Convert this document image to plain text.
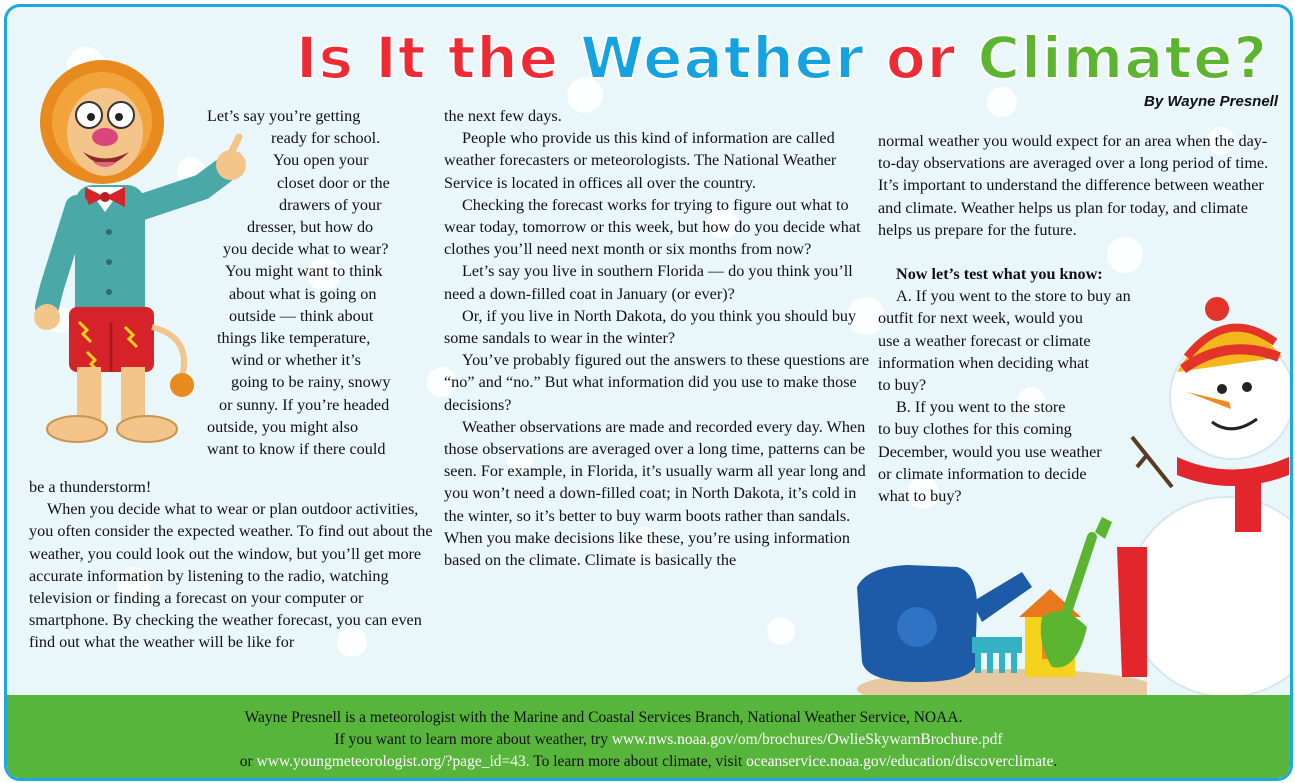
Is It the Weather or Climate?
By Wayne Presnell
Let’s say you’re getting
ready for school.
You open your
closet door or the
drawers of your
dresser, but how do
you decide what to wear?
You might want to think
about what is going on
outside — think about
things like temperature,
wind or whether it’s
going to be rainy, snowy
or sunny. If you’re headed
outside, you might also
want to know if there could

be a thunderstorm!

When you decide what to wear or plan outdoor activities, you often consider the expected weather. To find out about the weather, you could look out the window, but you’ll get more accurate information by listening to the radio, watching television or finding a forecast on your computer or smartphone. By checking the weather forecast, you can even find out what the weather will be like for

the next few days.

People who provide us this kind of information are called weather forecasters or meteorologists. The National Weather Service is located in offices all over the country.

Checking the forecast works for trying to figure out what to wear today, tomorrow or this week, but how do you decide what clothes you’ll need next month or six months from now?

Let’s say you live in southern Florida — do you think you’ll need a down-filled coat in January (or ever)?

Or, if you live in North Dakota, do you think you should buy some sandals to wear in the winter?

You’ve probably figured out the answers to these questions are “no” and “no.” But what information did you use to make those decisions?

Weather observations are made and recorded every day. When those observations are averaged over a long time, patterns can be seen. For example, in Florida, it’s usually warm all year long and you won’t need a down-filled coat; in North Dakota, it’s cold in the winter, so it’s better to buy warm boots rather than sandals. When you make decisions like these, you’re using information based on the climate. Climate is basically the

normal weather you would expect for an area when the day-to-day observations are averaged over a long period of time. It’s important to understand the difference between weather and climate. Weather helps us plan for today, and climate helps us prepare for the future.

Now let’s test what you know:

A. If you went to the store to buy an
outfit for next week, would you
use a weather forecast or climate
information when deciding what
to buy?
B. If you went to the store
to buy clothes for this coming
December, would you use weather
or climate information to decide
what to buy?
Wayne Presnell is a meteorologist with the Marine and Coastal Services Branch, National Weather Service, NOAA.
If you want to learn more about weather, try www.nws.noaa.gov/om/brochures/OwlieSkywarnBrochure.pdf
or www.youngmeteorologist.org/?page_id=43. To learn more about climate, visit oceanservice.noaa.gov/education/discoverclimate.
